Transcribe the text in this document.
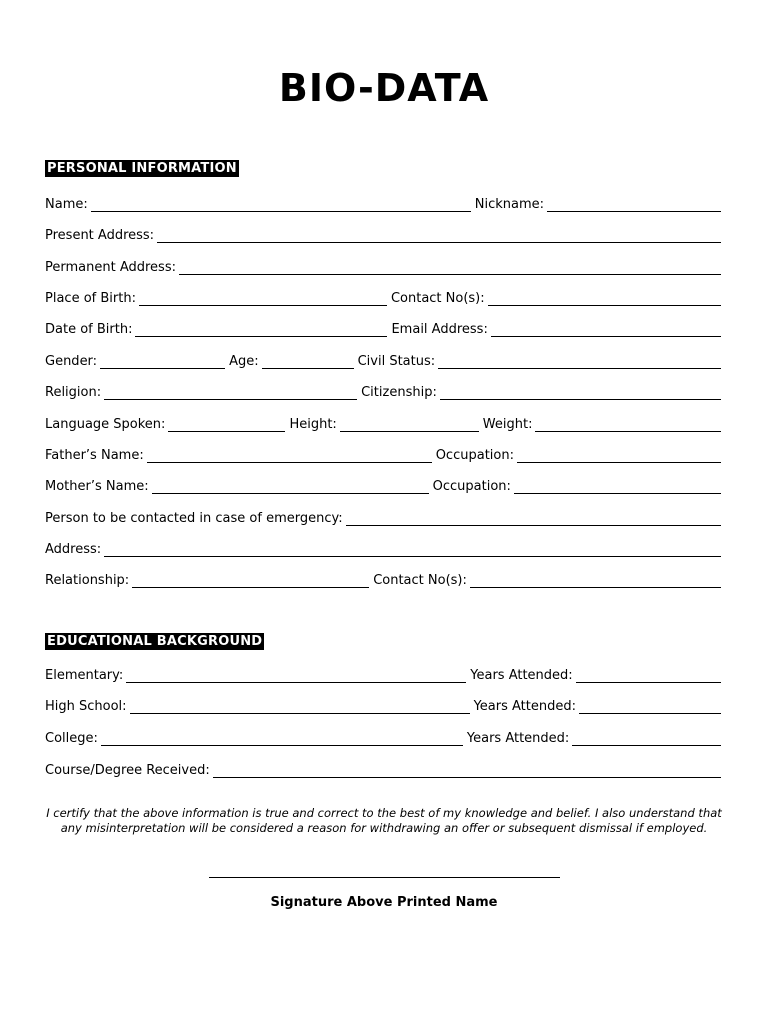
BIO-DATA
PERSONAL INFORMATION
Name:	Nickname:
Present Address:
Permanent Address:
Place of Birth:	Contact No(s):
Date of Birth:	Email Address:
Gender:	Age:	Civil Status:
Religion:	Citizenship:
Language Spoken:	Height:	Weight:
Father’s Name:	Occupation:
Mother’s Name:	Occupation:
Person to be contacted in case of emergency:
Address:
Relationship:	Contact No(s):
EDUCATIONAL BACKGROUND
Elementary:	Years Attended:
High School:	Years Attended:
College:	Years Attended:
Course/Degree Received:
I certify that the above information is true and correct to the best of my knowledge and belief. I also understand that any misinterpretation will be considered a reason for withdrawing an offer or subsequent dismissal if employed.
Signature Above Printed Name
